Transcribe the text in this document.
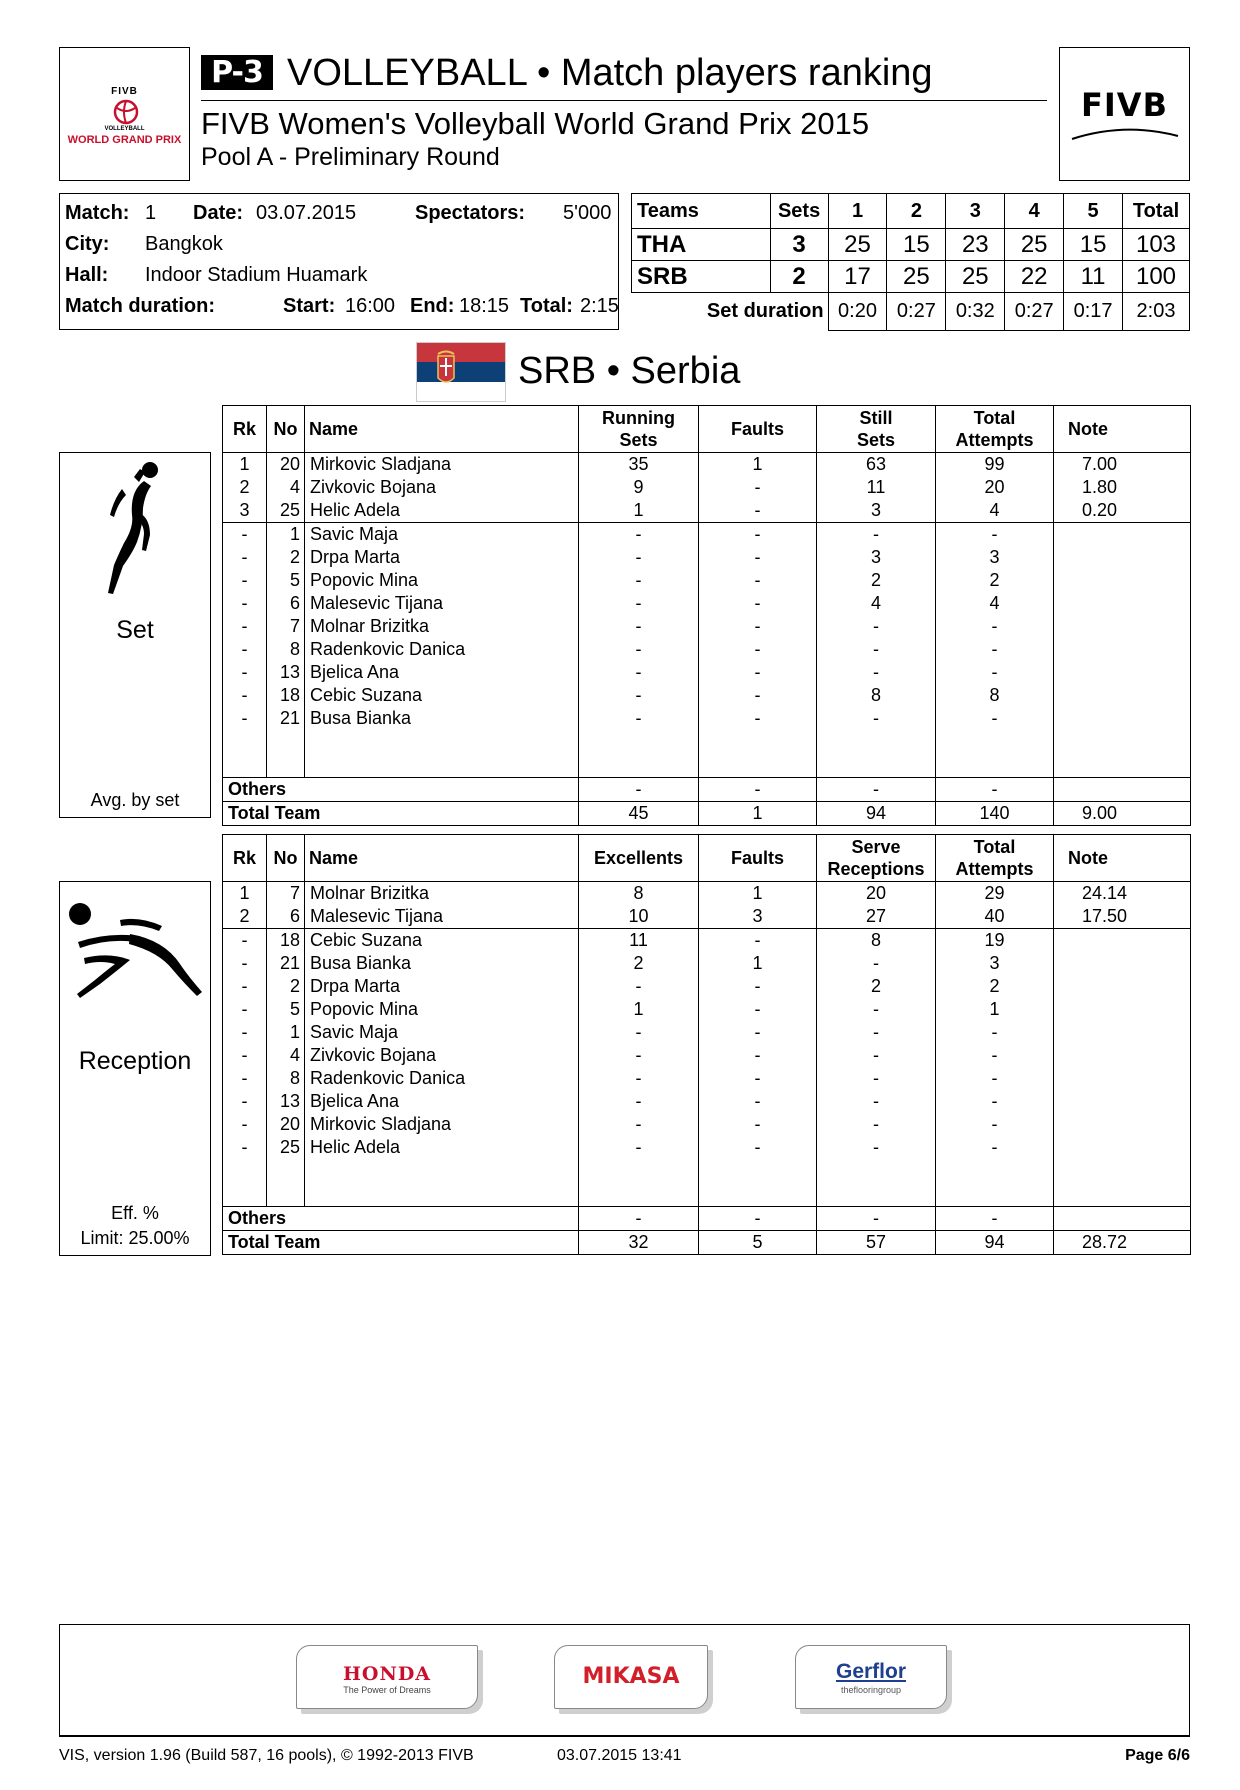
FIVB
VOLLEYBALL
WORLD GRAND PRIX
P-3 VOLLEYBALL • Match players ranking
FIVB Women's Volleyball World Grand Prix 2015
Pool A - Preliminary Round
FIVB
Match: 1 Date: 03.07.2015	Spectators: 5'000
City: Bangkok
Hall: Indoor Stadium Huamark
Match duration:	Start: 16:00 End: 18:15 Total: 2:15
Teams	Sets	1	2	3	4	5	Total
THA	3	25	15	23	25	15	103
SRB	2	17	25	25	22	11	100
Set duration		0:20	0:27	0:32	0:27	0:17	2:03
SRB • Serbia
Set
Avg. by set
Rk	No	Name	Running
Sets	Faults	Still
Sets	Total
Attempts	Note
1	20	Mirkovic Sladjana	35	1	63	99	7.00
2	4	Zivkovic Bojana	9	-	11	20	1.80
3	25	Helic Adela	1	-	3	4	0.20
-	1	Savic Maja	-	-	-	-	
-	2	Drpa Marta	-	-	3	3	
-	5	Popovic Mina	-	-	2	2	
-	6	Malesevic Tijana	-	-	4	4	
-	7	Molnar Brizitka	-	-	-	-	
-	8	Radenkovic Danica	-	-	-	-	
-	13	Bjelica Ana	-	-	-	-	
-	18	Cebic Suzana	-	-	8	8	
-	21	Busa Bianka	-	-	-	-	

Others			-	-	-	-	
Total Team			45	1	94	140	9.00
Reception
Eff. %
Limit: 25.00%
Rk	No	Name	Excellents	Faults	Serve
Receptions	Total
Attempts	Note
1	7	Molnar Brizitka	8	1	20	29	24.14
2	6	Malesevic Tijana	10	3	27	40	17.50
-	18	Cebic Suzana	11	-	8	19	
-	21	Busa Bianka	2	1	-	3	
-	2	Drpa Marta	-	-	2	2	
-	5	Popovic Mina	1	-	-	1	
-	1	Savic Maja	-	-	-	-	
-	4	Zivkovic Bojana	-	-	-	-	
-	8	Radenkovic Danica	-	-	-	-	
-	13	Bjelica Ana	-	-	-	-	
-	20	Mirkovic Sladjana	-	-	-	-	
-	25	Helic Adela	-	-	-	-	

Others			-	-	-	-	
Total Team			32	5	57	94	28.72
HONDA
The Power of Dreams
MIKASA	Gerflor
theflooringroup
VIS, version 1.96 (Build 587, 16 pools), © 1992-2013 FIVB	03.07.2015 13:41	Page 6/6
